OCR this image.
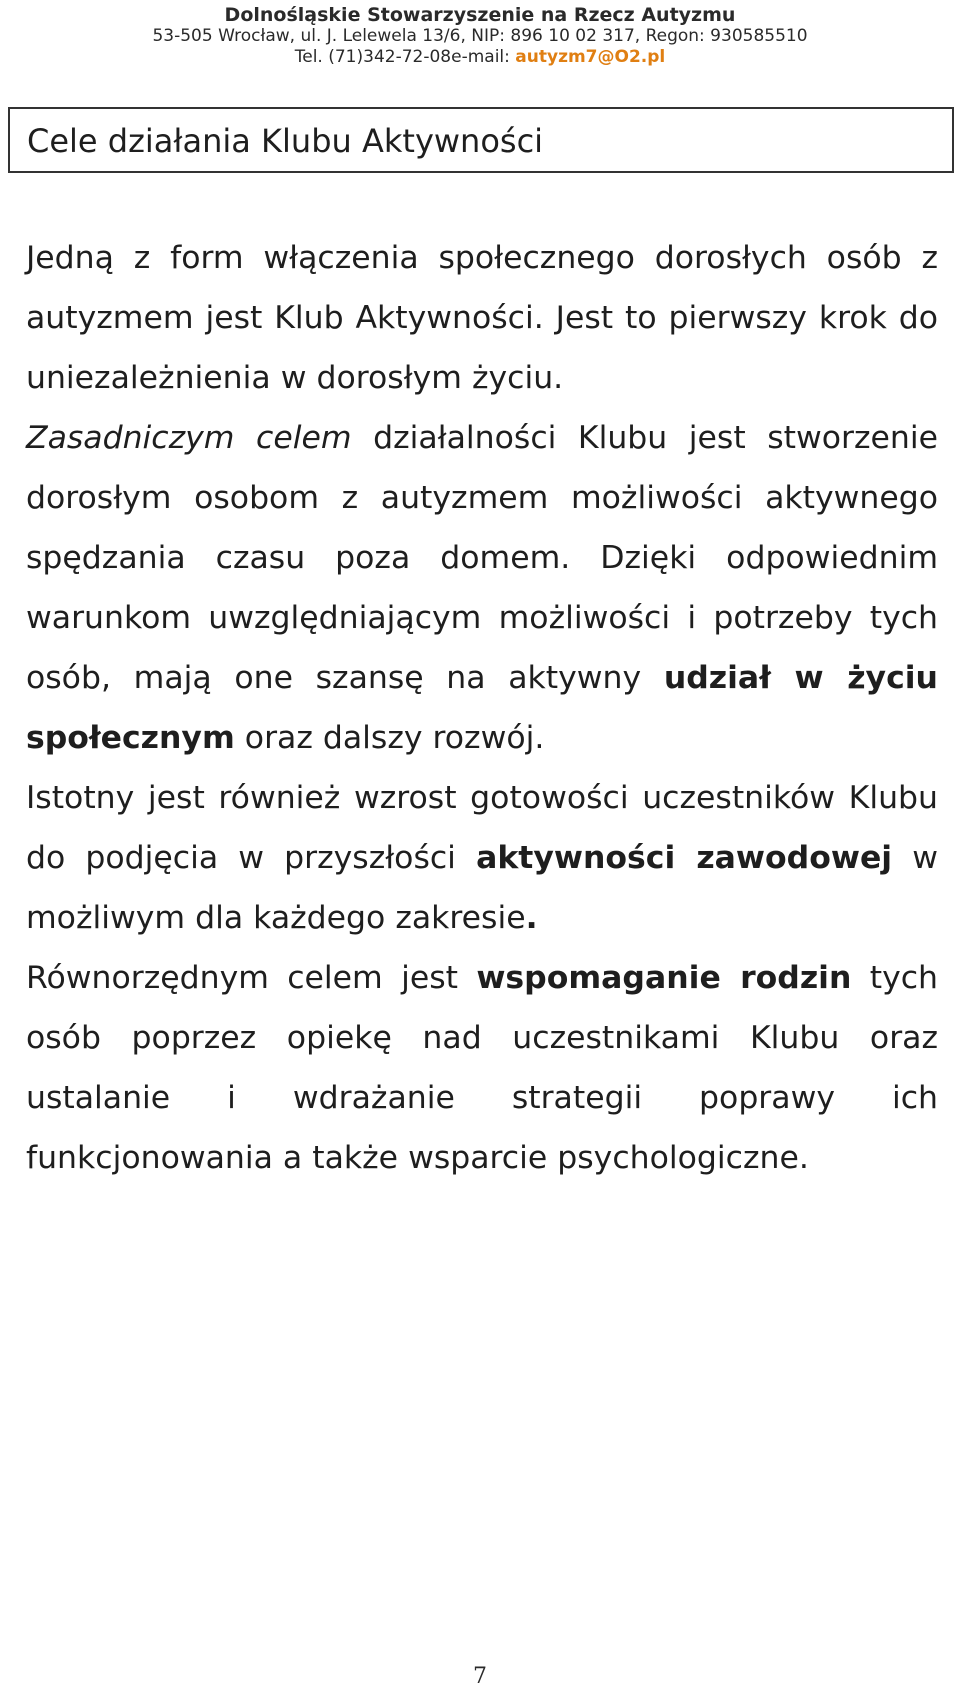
Dolnośląskie Stowarzyszenie na Rzecz Autyzmu
53-505 Wrocław, ul. J. Lelewela 13/6, NIP: 896 10 02 317, Regon: 930585510
Tel. (71)342-72-08e-mail: autyzm7@O2.pl
Cele działania Klubu Aktywności

Jedną z form włączenia społecznego dorosłych osób z autyzmem jest Klub Aktywności. Jest to pierwszy krok do uniezależnienia w dorosłym życiu.

Zasadniczym celem działalności Klubu jest stworzenie dorosłym osobom z autyzmem możliwości aktywnego spędzania czasu poza domem. Dzięki odpowiednim warunkom uwzględniającym możliwości i potrzeby tych osób, mają one szansę na aktywny udział w życiu społecznym oraz dalszy rozwój.

Istotny jest również wzrost gotowości uczestników Klubu do podjęcia w przyszłości aktywności zawodowej w możliwym dla każdego zakresie.

Równorzędnym celem jest wspomaganie rodzin tych osób poprzez opiekę nad uczestnikami Klubu oraz ustalanie i wdrażanie strategii poprawy ich funkcjonowania a także wsparcie psychologiczne.

7
